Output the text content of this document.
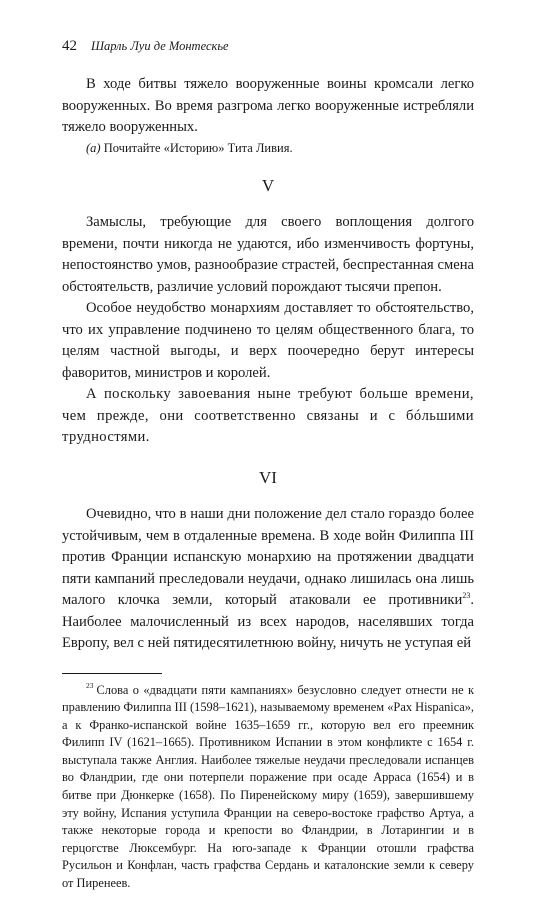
42 Шарль Луи де Монтескье

В ходе битвы тяжело вооруженные воины кромсали легко вооруженных. Во время разгрома легко вооруженные истребляли тяжело вооруженных.

(a) Почитайте «Историю» Тита Ливия.

V

Замыслы, требующие для своего воплощения долгого времени, почти никогда не удаются, ибо изменчивость фортуны, непостоянство умов, разнообразие страстей, беспрестанная смена обстоятельств, различие условий порождают тысячи препон.

Особое неудобство монархиям доставляет то обстоятельство, что их управление подчинено то целям общественного блага, то целям частной выгоды, и верх поочередно берут интересы фаворитов, министров и королей.

А поскольку завоевания ныне требуют больше времени, чем прежде, они соответственно связаны и с бóльшими трудностями.

VI

Очевидно, что в наши дни положение дел стало гораздо более устойчивым, чем в отдаленные времена. В ходе войн Филиппа III против Франции испанскую монархию на протяжении двадцати пяти кампаний преследовали неудачи, однако лишилась она лишь малого клочка земли, который атаковали ее противники$^{23}$. Наиболее малочисленный из всех народов, населявших тогда Европу, вел с ней пятидесятилетнюю войну, ничуть не уступая ей

$^{23}$ Слова о «двадцати пяти кампаниях» безусловно следует отнести не к правлению Филиппа III (1598–1621), называемому временем «Pax Hispanica», а к Франко-испанской войне 1635–1659 гг., которую вел его преемник Филипп IV (1621–1665). Противником Испании в этом конфликте с 1654 г. выступала также Англия. Наиболее тяжелые неудачи преследовали испанцев во Фландрии, где они потерпели поражение при осаде Арраса (1654) и в битве при Дюнкерке (1658). По Пиренейскому миру (1659), завершившему эту войну, Испания уступила Франции на северо-востоке графство Артуа, а также некоторые города и крепости во Фландрии, в Лотарингии и в герцогстве Люксембург. На юго-западе к Франции отошли графства Русильон и Конфлан, часть графства Сердань и каталонские земли к северу от Пиренеев.
